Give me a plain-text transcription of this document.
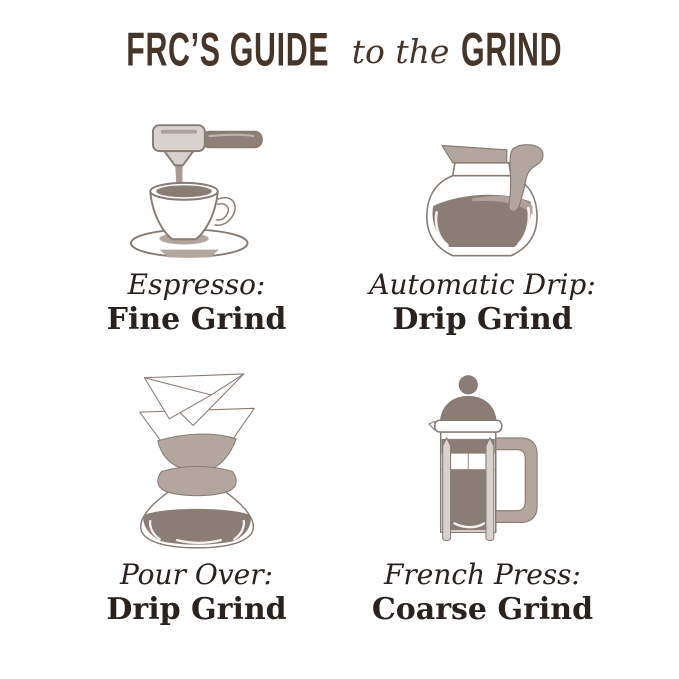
FRC’S GUIDE to the GRIND
Espresso:
Fine Grind
Automatic Drip:
Drip Grind
Pour Over:
Drip Grind
French Press:
Coarse Grind
